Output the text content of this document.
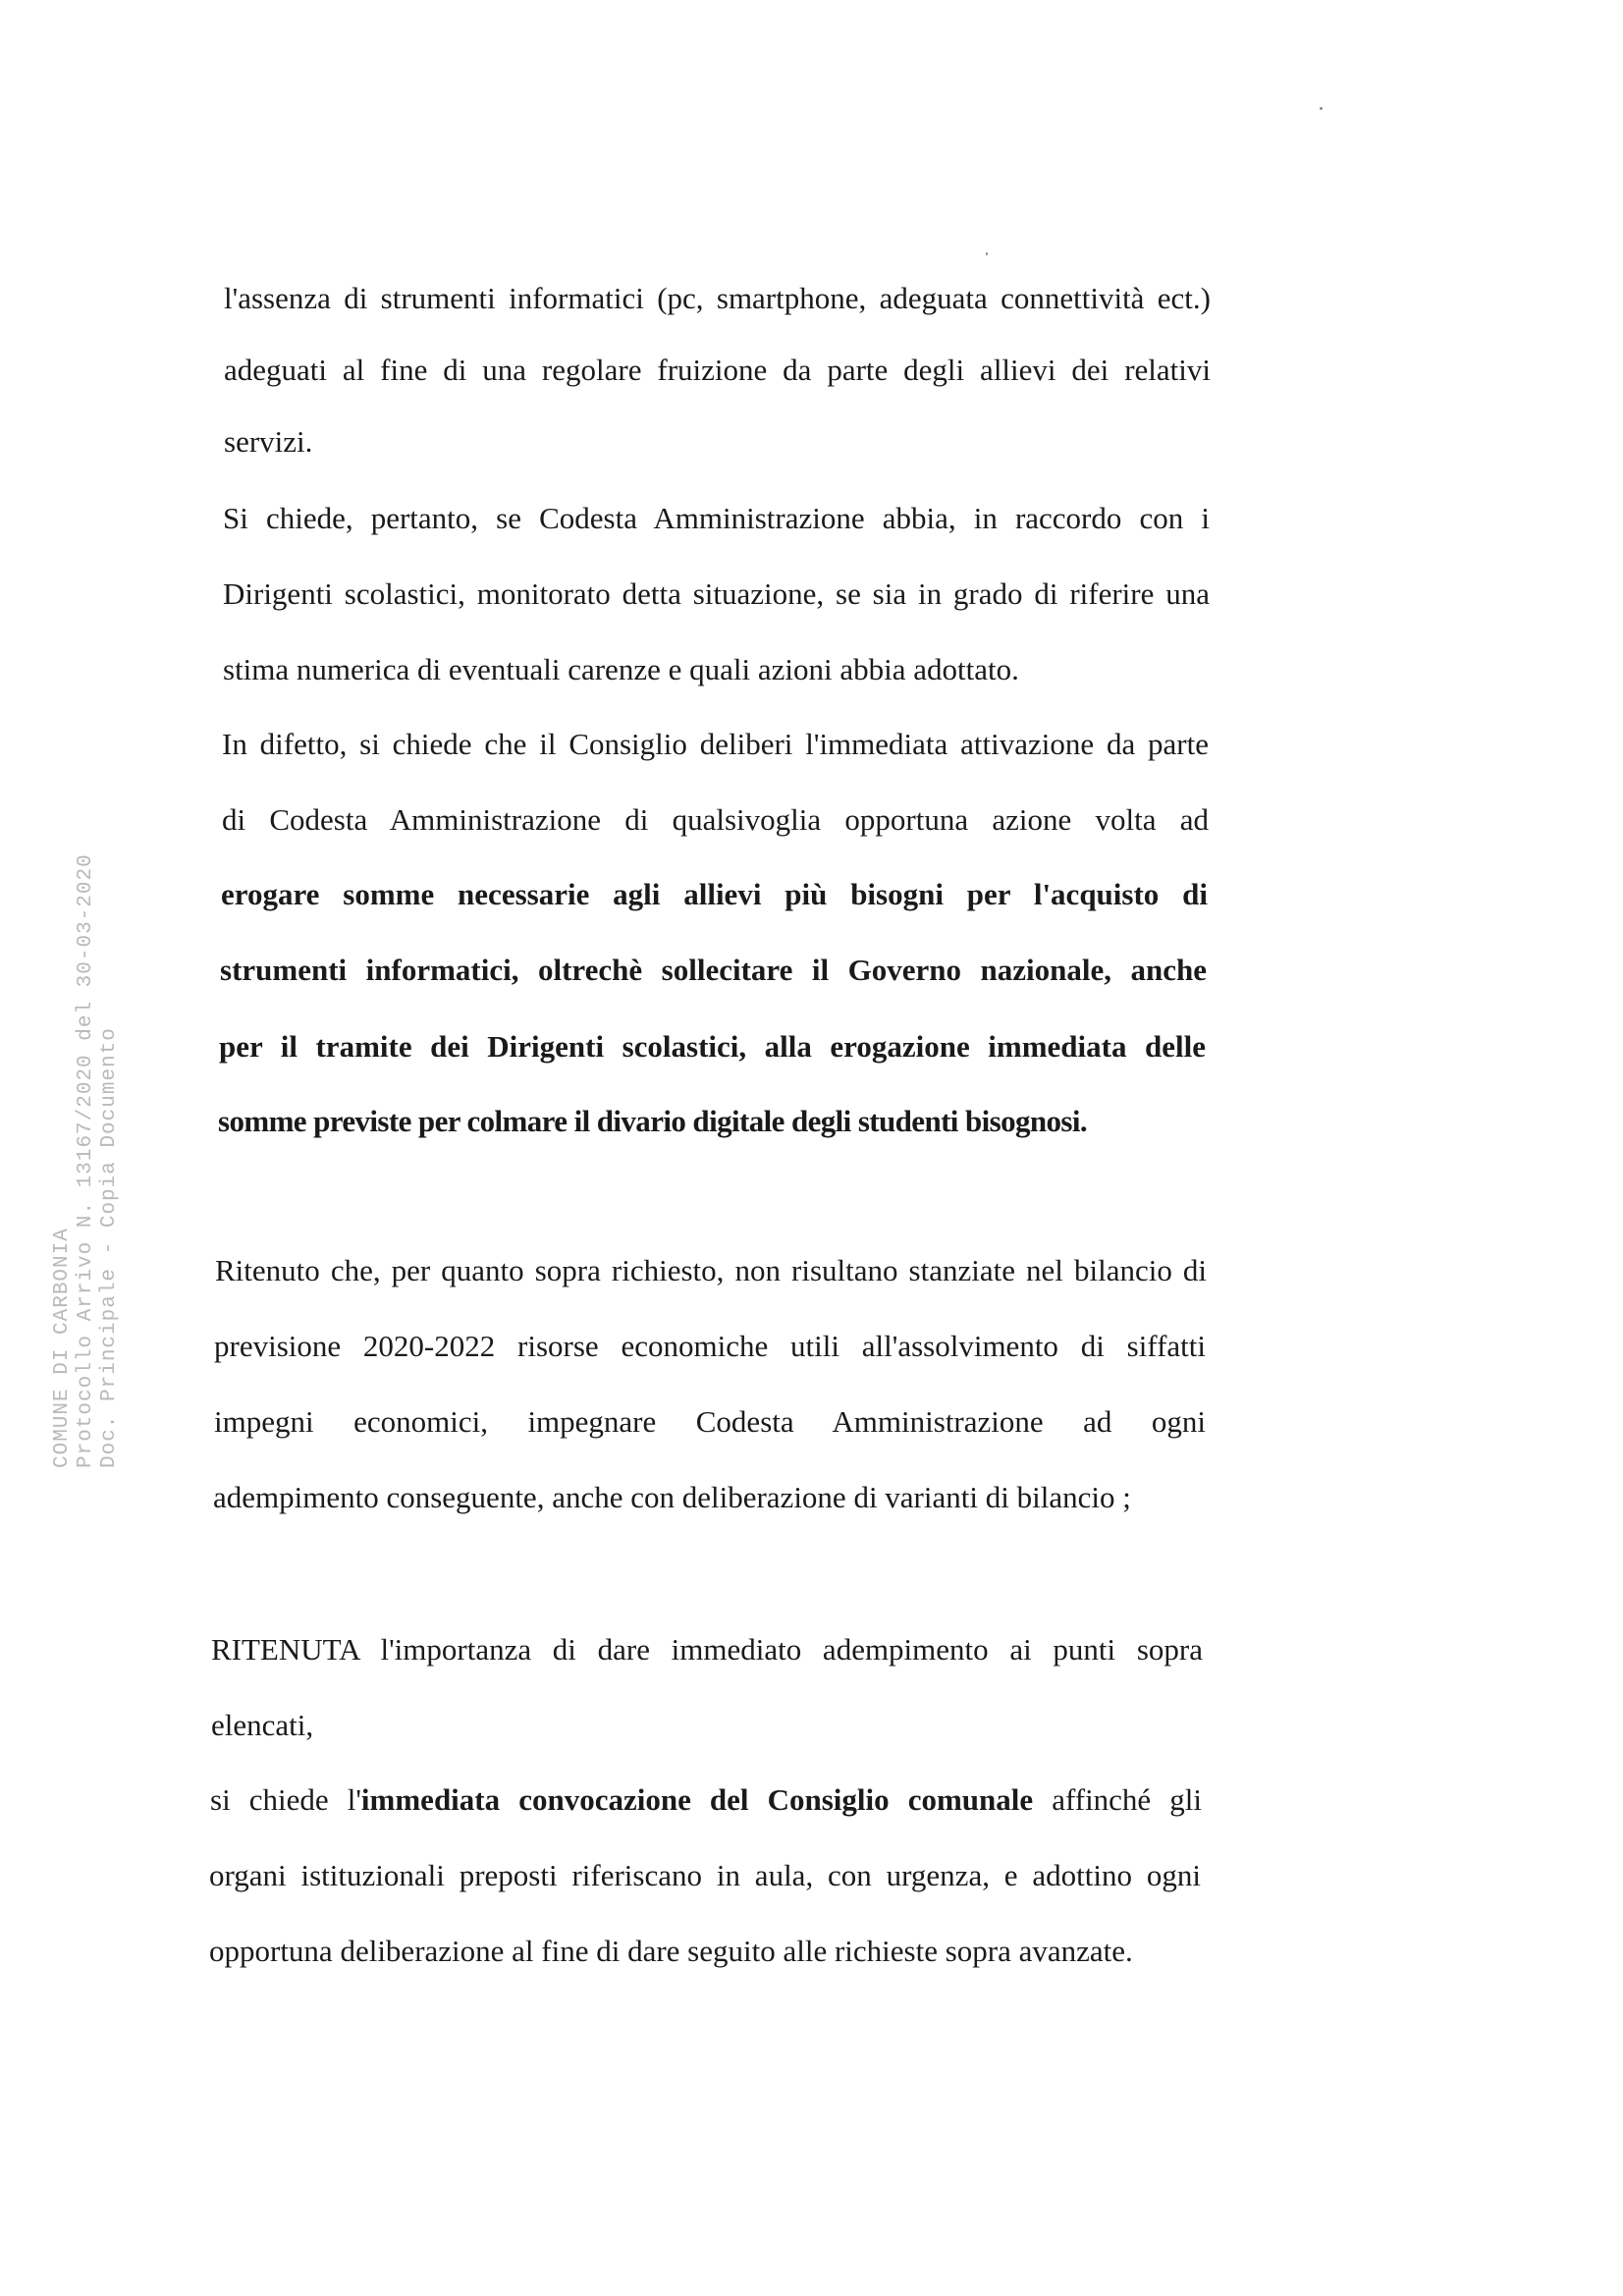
COMUNE DI CARBONIA Protocollo Arrivo N. 13167/2020 del 30-03-2020 Doc. Principale - Copia Documento
l'assenza di strumenti informatici (pc, smartphone, adeguata connettività ect.)
adeguati al fine di una regolare fruizione da parte degli allievi dei relativi
servizi.
Si chiede, pertanto, se Codesta Amministrazione abbia, in raccordo con i
Dirigenti scolastici, monitorato detta situazione, se sia in grado di riferire una
stima numerica di eventuali carenze e quali azioni abbia adottato.
In difetto, si chiede che il Consiglio deliberi l'immediata attivazione da parte
di Codesta Amministrazione di qualsivoglia opportuna azione volta ad
erogare somme necessarie agli allievi più bisogni per l'acquisto di
strumenti informatici, oltrechè sollecitare il Governo nazionale, anche
per il tramite dei Dirigenti scolastici, alla erogazione immediata delle
somme previste per colmare il divario digitale degli studenti bisognosi.
Ritenuto che, per quanto sopra richiesto, non risultano stanziate nel bilancio di
previsione 2020-2022 risorse economiche utili all'assolvimento di siffatti
impegni economici, impegnare Codesta Amministrazione ad ogni
adempimento conseguente, anche con deliberazione di varianti di bilancio ;
RITENUTA l'importanza di dare immediato adempimento ai punti sopra
elencati,
si chiede l'immediata convocazione del Consiglio comunale affinché gli
organi istituzionali preposti riferiscano in aula, con urgenza, e adottino ogni
opportuna deliberazione al fine di dare seguito alle richieste sopra avanzate.
